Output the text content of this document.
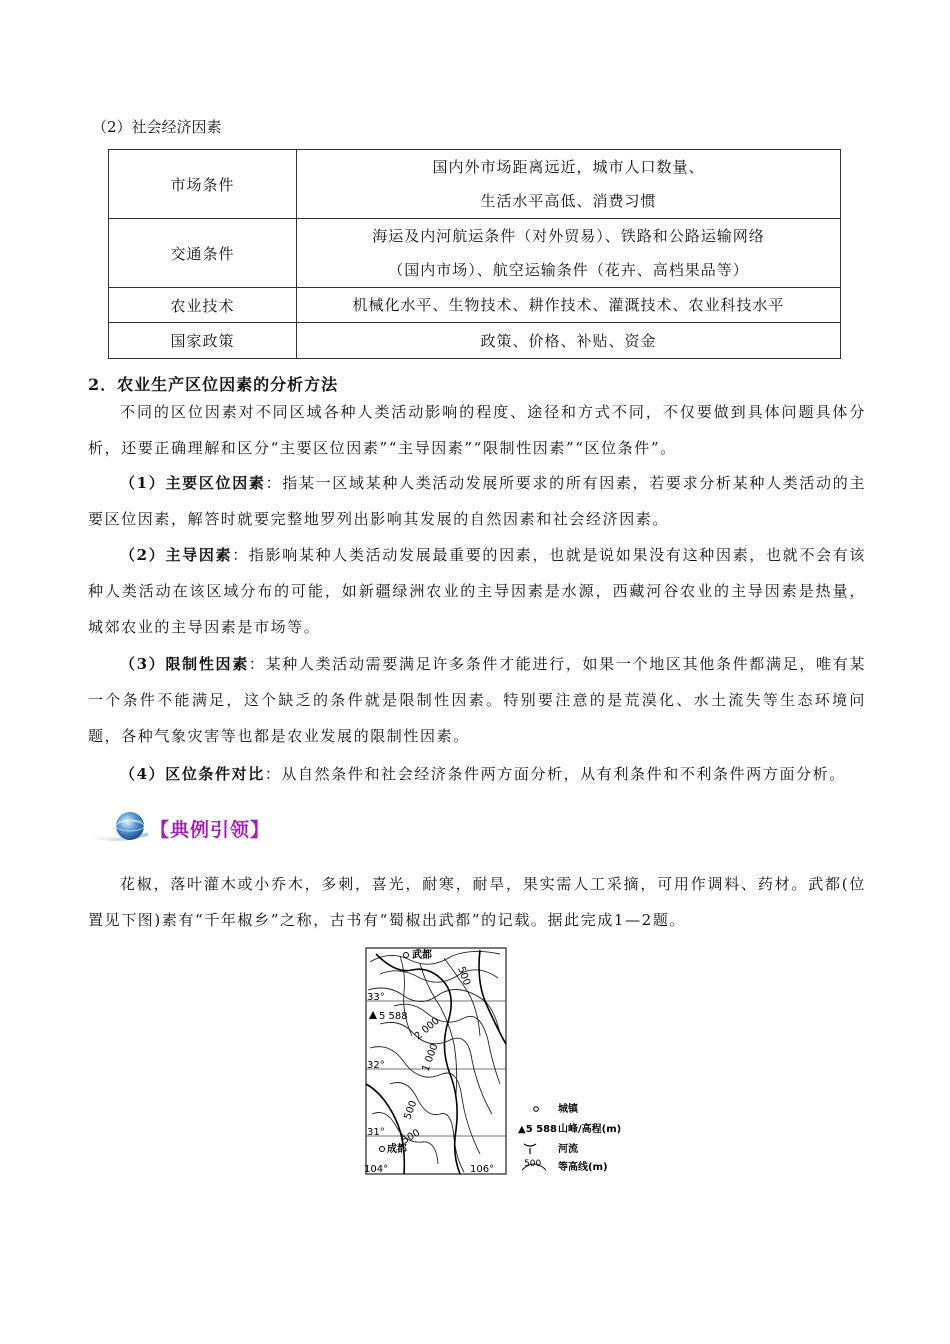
（2）社会经济因素
市场条件	国内外市场距离远近，城市人口数量、
生活水平高低、消费习惯

交通条件	海运及内河航运条件（对外贸易）、铁路和公路运输网络
（国内市场）、航空运输条件（花卉、高档果品等）

农业技术	机械化水平、生物技术、耕作技术、灌溉技术、农业科技水平

国家政策	政策、价格、补贴、资金
2．农业生产区位因素的分析方法
不同的区位因素对不同区域各种人类活动影响的程度、途径和方式不同，不仅要做到具体问题具体分析，还要正确理解和区分“主要区位因素”“主导因素”“限制性因素”“区位条件”。
（1）主要区位因素：指某一区域某种人类活动发展所要求的所有因素，若要求分析某种人类活动的主要区位因素，解答时就要完整地罗列出影响其发展的自然因素和社会经济因素。
（2）主导因素：指影响某种人类活动发展最重要的因素，也就是说如果没有这种因素，也就不会有该种人类活动在该区域分布的可能，如新疆绿洲农业的主导因素是水源，西藏河谷农业的主导因素是热量，城郊农业的主导因素是市场等。
（3）限制性因素：某种人类活动需要满足许多条件才能进行，如果一个地区其他条件都满足，唯有某一个条件不能满足，这个缺乏的条件就是限制性因素。特别要注意的是荒漠化、水土流失等生态环境问题，各种气象灾害等也都是农业发展的限制性因素。
（4）区位条件对比：从自然条件和社会经济条件两方面分析，从有利条件和不利条件两方面分析。
【典例引领】
花椒，落叶灌木或小乔木，多刺，喜光，耐寒，耐旱，果实需人工采摘，可用作调料、药材。武都(位置见下图)素有“千年椒乡”之称，古书有“蜀椒出武都”的记载。据此完成1—2题。
武都
成都
33°
32°
31°
104°	106°
5 588
500
2 000
1 000
500
500
城镇
▲5 588 山峰/高程(m)
河流
500 等高线(m)
